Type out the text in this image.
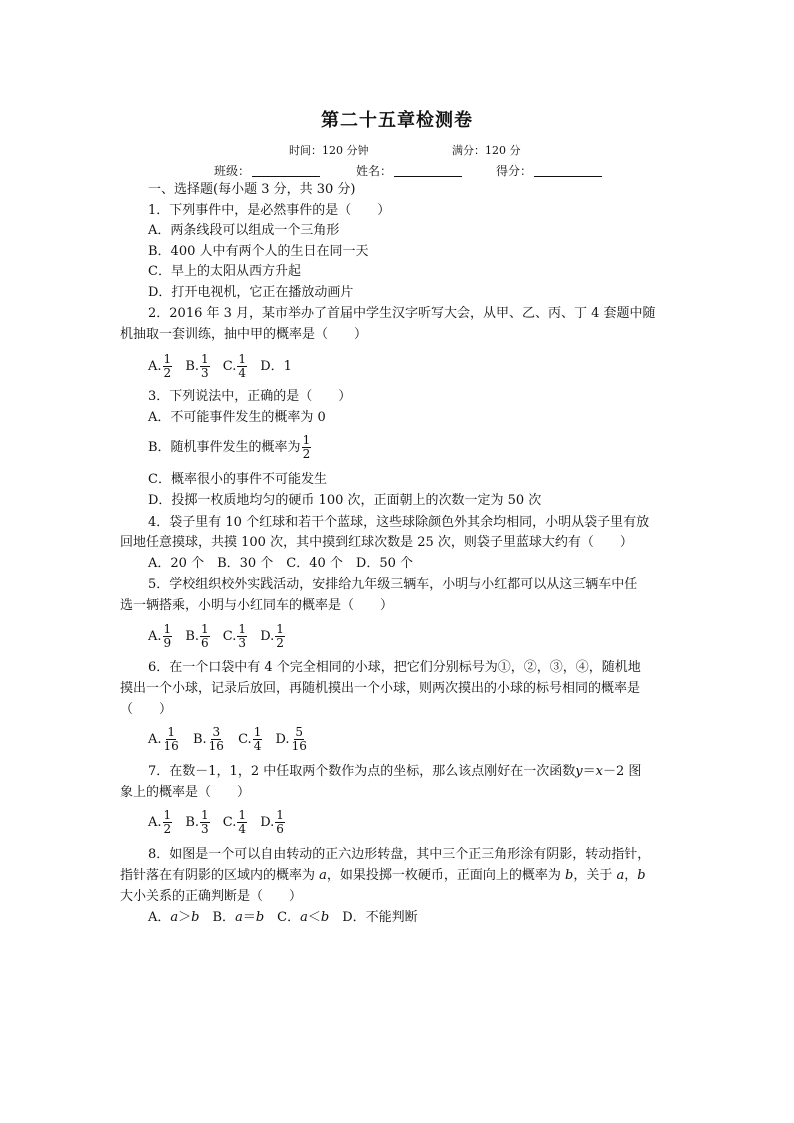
第二十五章检测卷
时间：120 分钟	满分：120 分
班级：	姓名：	得分：
一、选择题(每小题 3 分，共 30 分)
1．下列事件中，是必然事件的是（　　）
A．两条线段可以组成一个三角形
B．400 人中有两个人的生日在同一天
C．早上的太阳从西方升起
D．打开电视机，它正在播放动画片
2．2016 年 3 月，某市举办了首届中学生汉字听写大会，从甲、乙、丙、丁 4 套题中随
机抽取一套训练，抽中甲的概率是（　　）
A. $\frac{1}{2} B$. $\frac{1}{3} C$. $\frac{1}{4}$ D．1
3．下列说法中，正确的是（　　）
A．不可能事件发生的概率为 0
B．随机事件发生的概率为 $\frac{1}{2}$
C．概率很小的事件不可能发生
D．投掷一枚质地均匀的硬币 100 次，正面朝上的次数一定为 50 次
4．袋子里有 10 个红球和若干个蓝球，这些球除颜色外其余均相同，小明从袋子里有放
回地任意摸球，共摸 100 次，其中摸到红球次数是 25 次，则袋子里蓝球大约有（　　）
A．20 个　B．30 个　C．40 个　D．50 个
5．学校组织校外实践活动，安排给九年级三辆车，小明与小红都可以从这三辆车中任
选一辆搭乘，小明与小红同车的概率是（　　）
A. $\frac{1}{9} B$. $\frac{1}{6} C$. $\frac{1}{3} D$. $\frac{1}{2}$
6．在一个口袋中有 4 个完全相同的小球，把它们分别标号为①，②，③，④，随机地
摸出一个小球，记录后放回，再随机摸出一个小球，则两次摸出的小球的标号相同的概率是
（　　）
A. $\frac{1}{16} B$. $\frac{3}{16} C$. $\frac{1}{4} D$. $\frac{5}{16}$
7．在数－1，1，2 中任取两个数作为点的坐标，那么该点刚好在一次函数y＝x－2 图
象上的概率是（　　）
A. $\frac{1}{2} B$. $\frac{1}{3} C$. $\frac{1}{4} D$. $\frac{1}{6}$
8．如图是一个可以自由转动的正六边形转盘，其中三个正三角形涂有阴影，转动指针，
指针落在有阴影的区域内的概率为 a，如果投掷一枚硬币，正面向上的概率为 b，关于 a，b
大小关系的正确判断是（　　）
A．a＞b　B．a＝b　C．a＜b　D．不能判断
